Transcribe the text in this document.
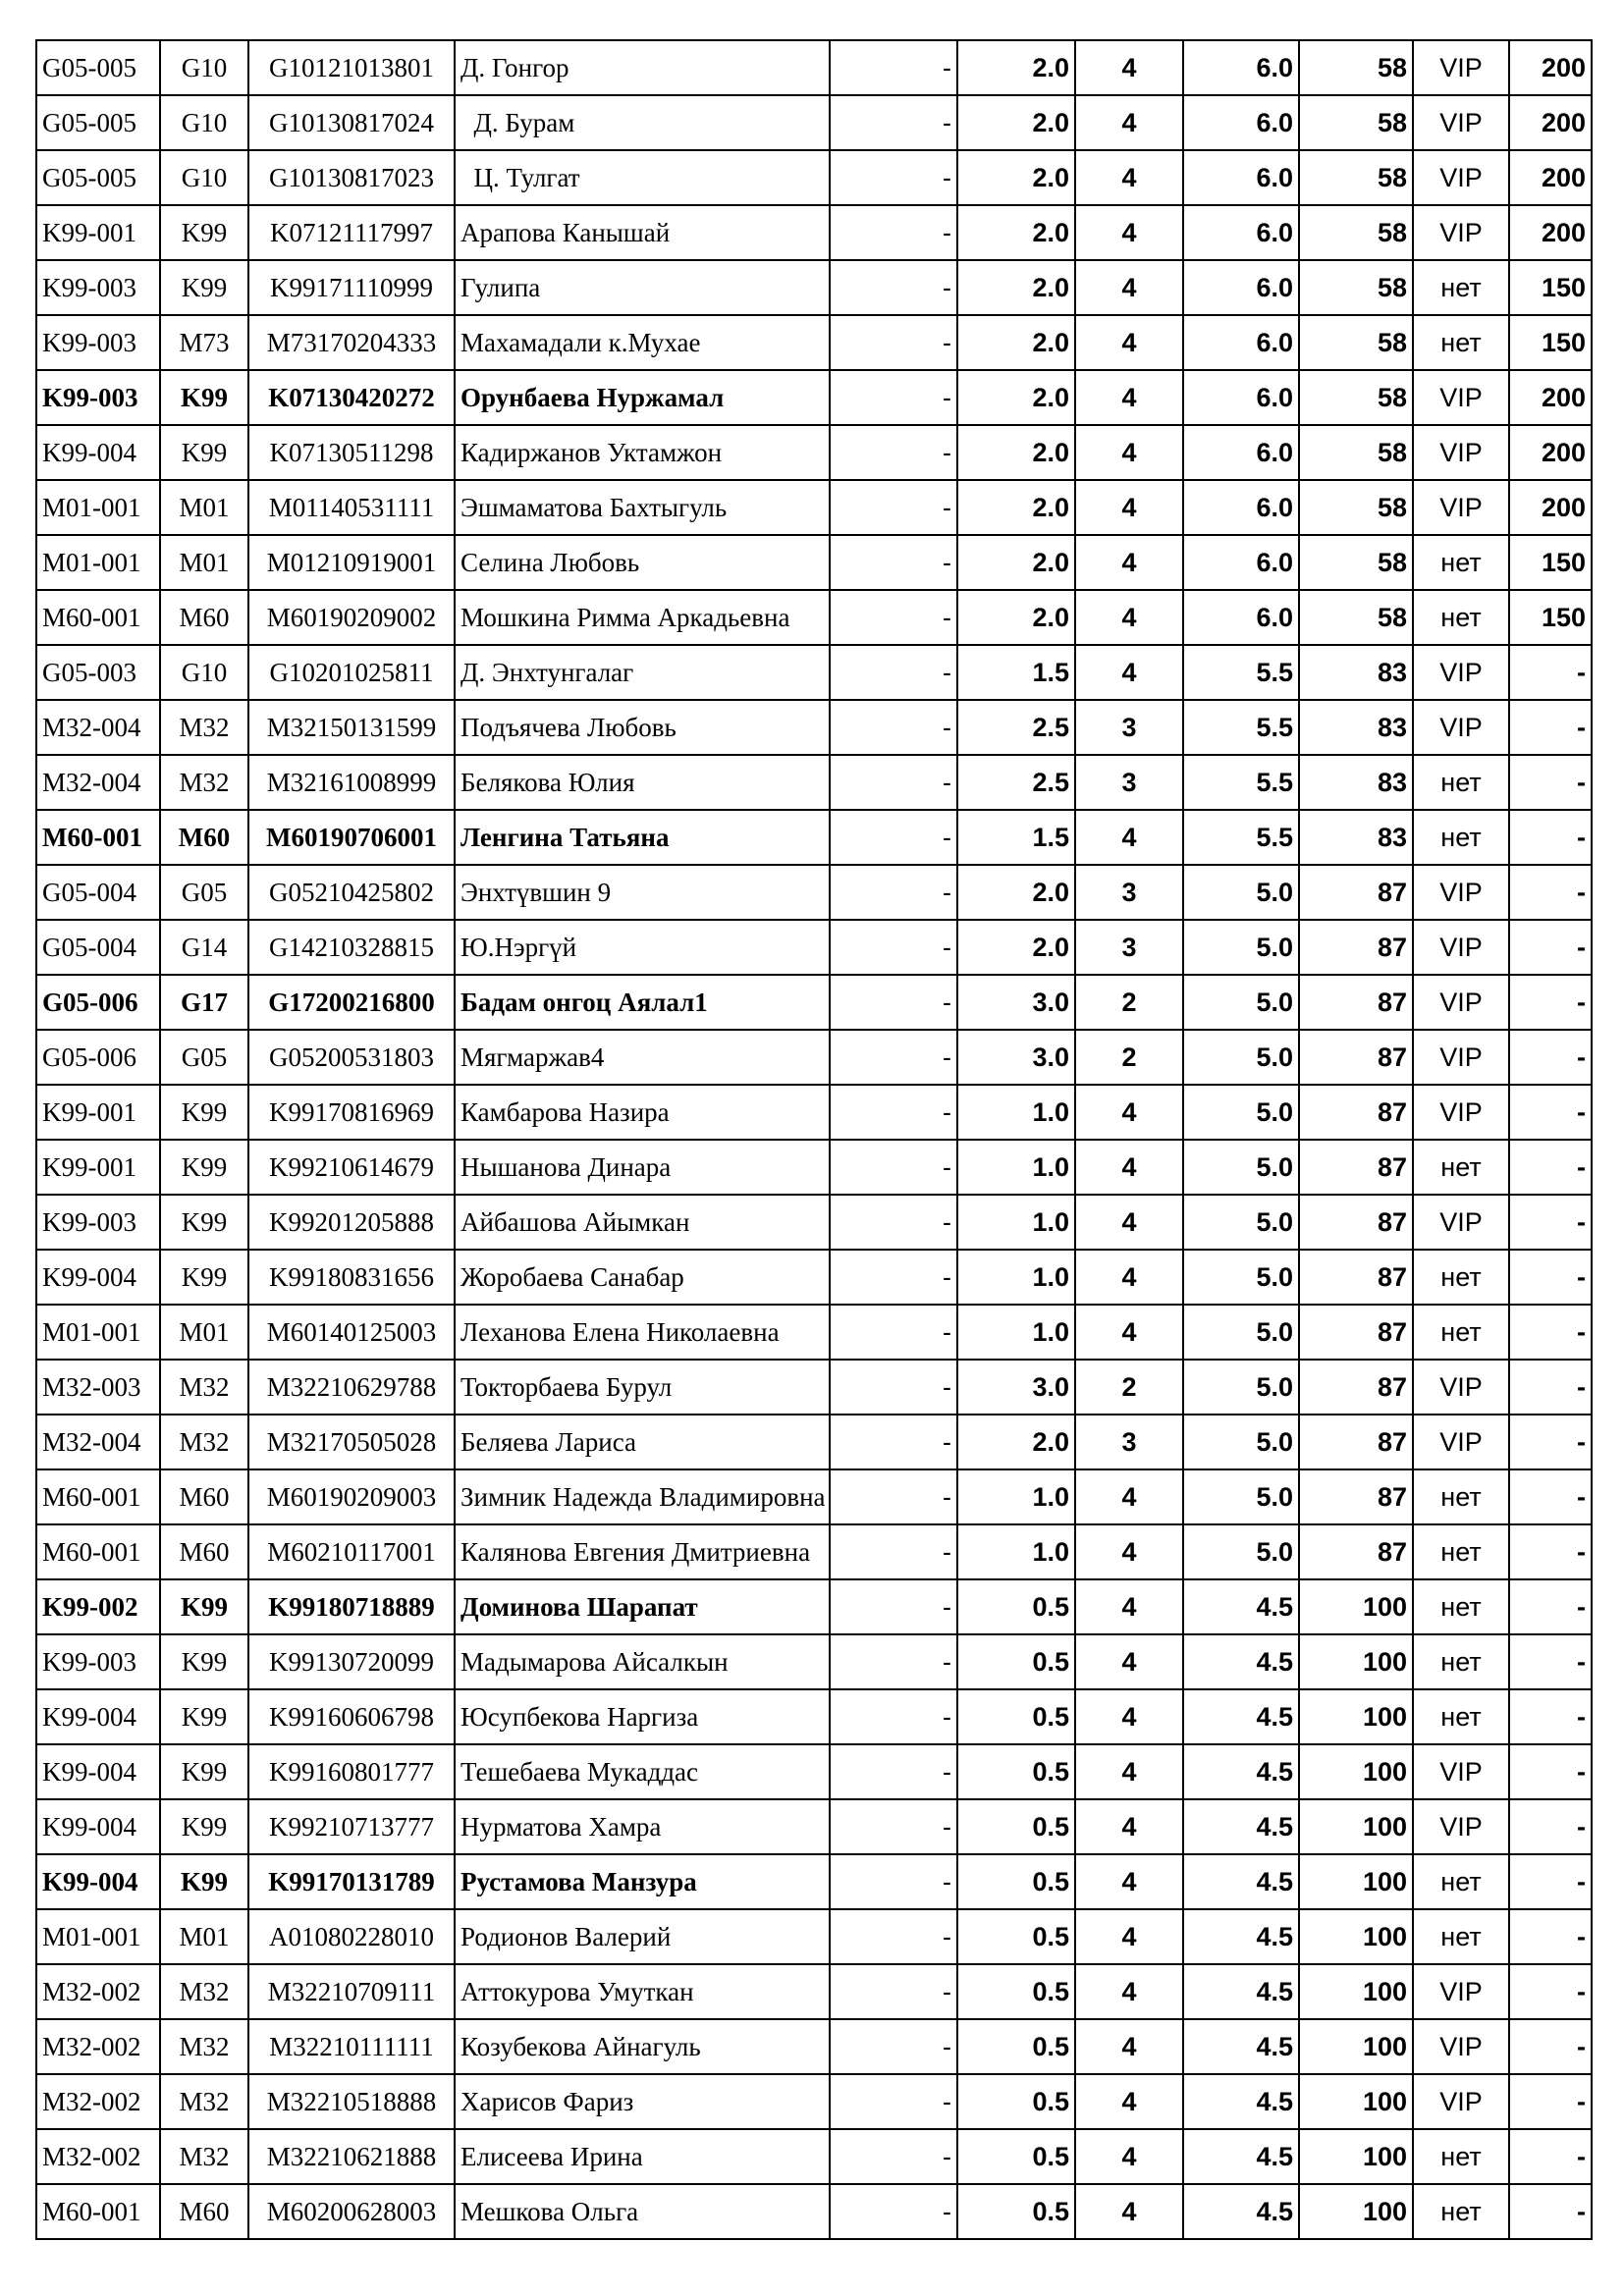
G05-005	G10	G10121013801	Д. Гонгор	-	2.0	4	6.0	58	VIP	200
G05-005	G10	G10130817024	Д. Бурам	-	2.0	4	6.0	58	VIP	200
G05-005	G10	G10130817023	Ц. Тулгат	-	2.0	4	6.0	58	VIP	200
K99-001	K99	K07121117997	Арапова Канышай	-	2.0	4	6.0	58	VIP	200
K99-003	K99	K99171110999	Гулипа	-	2.0	4	6.0	58	нет	150
K99-003	M73	M73170204333	Махамадали к.Мухае	-	2.0	4	6.0	58	нет	150
K99-003	K99	K07130420272	Орунбаева Нуржамал	-	2.0	4	6.0	58	VIP	200
K99-004	K99	K07130511298	Кадиржанов Уктамжон	-	2.0	4	6.0	58	VIP	200
M01-001	M01	M01140531111	Эшмаматова Бахтыгуль	-	2.0	4	6.0	58	VIP	200
M01-001	M01	M01210919001	Селина Любовь	-	2.0	4	6.0	58	нет	150
M60-001	M60	M60190209002	Мошкина Римма Аркадьевна	-	2.0	4	6.0	58	нет	150
G05-003	G10	G10201025811	Д. Энхтунгалаг	-	1.5	4	5.5	83	VIP	-
M32-004	M32	M32150131599	Подъячева Любовь	-	2.5	3	5.5	83	VIP	-
M32-004	M32	M32161008999	Белякова Юлия	-	2.5	3	5.5	83	нет	-
M60-001	M60	M60190706001	Ленгина Татьяна	-	1.5	4	5.5	83	нет	-
G05-004	G05	G05210425802	Энхтүвшин 9	-	2.0	3	5.0	87	VIP	-
G05-004	G14	G14210328815	Ю.Нэргүй	-	2.0	3	5.0	87	VIP	-
G05-006	G17	G17200216800	Бадам онгоц Аялал1	-	3.0	2	5.0	87	VIP	-
G05-006	G05	G05200531803	Мягмаржав4	-	3.0	2	5.0	87	VIP	-
K99-001	K99	K99170816969	Камбарова Назира	-	1.0	4	5.0	87	VIP	-
K99-001	K99	K99210614679	Нышанова Динара	-	1.0	4	5.0	87	нет	-
K99-003	K99	K99201205888	Айбашова Айымкан	-	1.0	4	5.0	87	VIP	-
K99-004	K99	K99180831656	Жоробаева Санабар	-	1.0	4	5.0	87	нет	-
M01-001	M01	M60140125003	Леханова Елена Николаевна	-	1.0	4	5.0	87	нет	-
M32-003	M32	M32210629788	Токторбаева Бурул	-	3.0	2	5.0	87	VIP	-
M32-004	M32	M32170505028	Беляева Лариса	-	2.0	3	5.0	87	VIP	-
M60-001	M60	M60190209003	Зимник Надежда Владимировна	-	1.0	4	5.0	87	нет	-
M60-001	M60	M60210117001	Калянова Евгения Дмитриевна	-	1.0	4	5.0	87	нет	-
K99-002	K99	K99180718889	Доминова Шарапат	-	0.5	4	4.5	100	нет	-
K99-003	K99	K99130720099	Мадымарова Айсалкын	-	0.5	4	4.5	100	нет	-
K99-004	K99	K99160606798	Юсупбекова Наргиза	-	0.5	4	4.5	100	нет	-
K99-004	K99	K99160801777	Тешебаева Мукаддас	-	0.5	4	4.5	100	VIP	-
K99-004	K99	K99210713777	Нурматова Хамра	-	0.5	4	4.5	100	VIP	-
K99-004	K99	K99170131789	Рустамова Манзура	-	0.5	4	4.5	100	нет	-
M01-001	M01	A01080228010	Родионов Валерий	-	0.5	4	4.5	100	нет	-
M32-002	M32	M32210709111	Аттокурова Умуткан	-	0.5	4	4.5	100	VIP	-
M32-002	M32	M32210111111	Козубекова Айнагуль	-	0.5	4	4.5	100	VIP	-
M32-002	M32	M32210518888	Харисов Фариз	-	0.5	4	4.5	100	VIP	-
M32-002	M32	M32210621888	Елисеева Ирина	-	0.5	4	4.5	100	нет	-
M60-001	M60	M60200628003	Мешкова Ольга	-	0.5	4	4.5	100	нет	-
